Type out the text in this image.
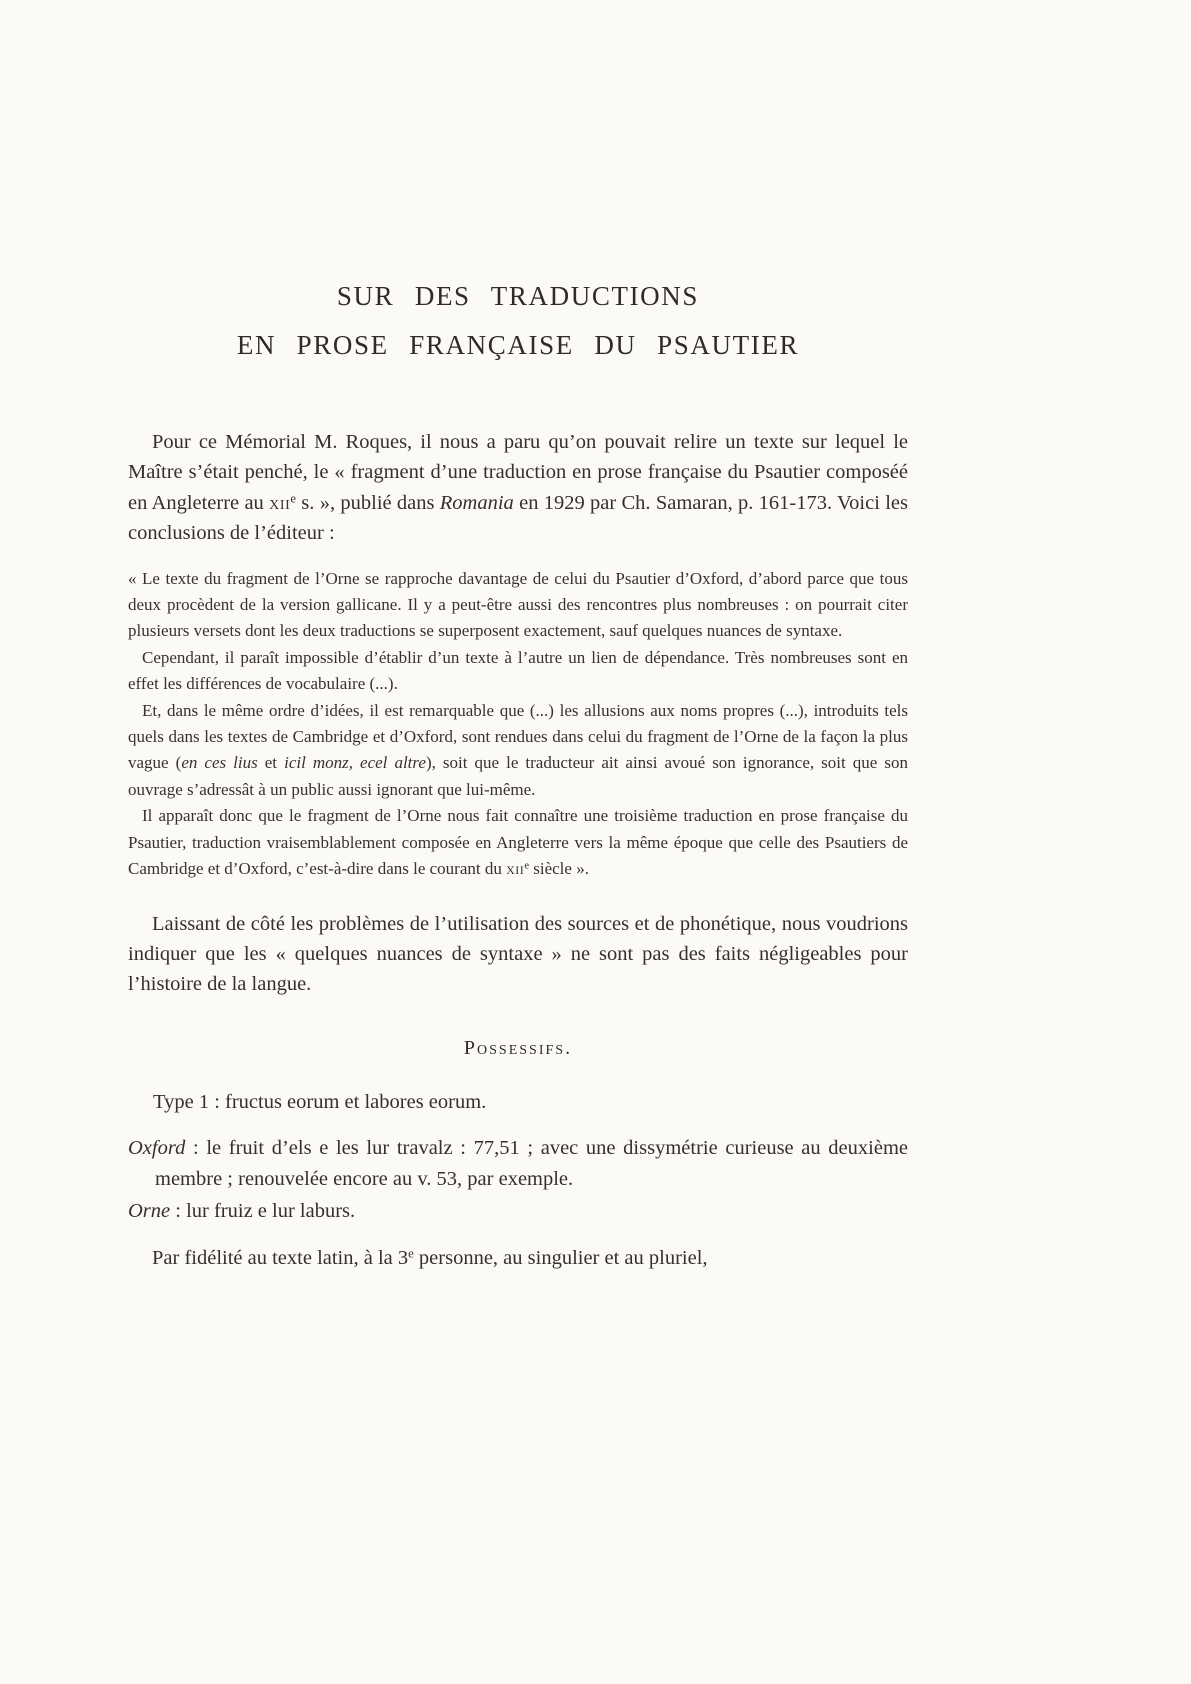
SUR DES TRADUCTIONS
EN PROSE FRANÇAISE DU PSAUTIER

Pour ce Mémorial M. Roques, il nous a paru qu’on pouvait relire un texte sur lequel le Maître s’était penché, le « fragment d’une traduction en prose française du Psautier composéé en Angleterre au xii$^e$ s. », publié dans Romania en 1929 par Ch. Samaran, p. 161-173. Voici les conclusions de l’éditeur :

« Le texte du fragment de l’Orne se rapproche davantage de celui du Psautier d’Oxford, d’abord parce que tous deux procèdent de la version gallicane. Il y a peut-être aussi des rencontres plus nombreuses : on pourrait citer plusieurs versets dont les deux traductions se superposent exactement, sauf quelques nuances de syntaxe.

Cependant, il paraît impossible d’établir d’un texte à l’autre un lien de dépendance. Très nombreuses sont en effet les différences de vocabulaire (...).

Et, dans le même ordre d’idées, il est remarquable que (...) les allusions aux noms propres (...), introduits tels quels dans les textes de Cambridge et d’Oxford, sont rendues dans celui du fragment de l’Orne de la façon la plus vague (en ces lius et icil monz, ecel altre), soit que le traducteur ait ainsi avoué son ignorance, soit que son ouvrage s’adressât à un public aussi ignorant que lui-même.

Il apparaît donc que le fragment de l’Orne nous fait connaître une troisième traduction en prose française du Psautier, traduction vraisemblablement composée en Angleterre vers la même époque que celle des Psautiers de Cambridge et d’Oxford, c’est-à-dire dans le courant du xii$^e$ siècle ».

Laissant de côté les problèmes de l’utilisation des sources et de phonétique, nous voudrions indiquer que les « quelques nuances de syntaxe » ne sont pas des faits négligeables pour l’histoire de la langue.

Possessifs.

Type 1 : fructus eorum et labores eorum.

Oxford : le fruit d’els e les lur travalz : 77,51 ; avec une dissymétrie curieuse au deuxième membre ; renouvelée encore au v. 53, par exemple.

Orne : lur fruiz e lur laburs.

Par fidélité au texte latin, à la 3e personne, au singulier et au pluriel,
